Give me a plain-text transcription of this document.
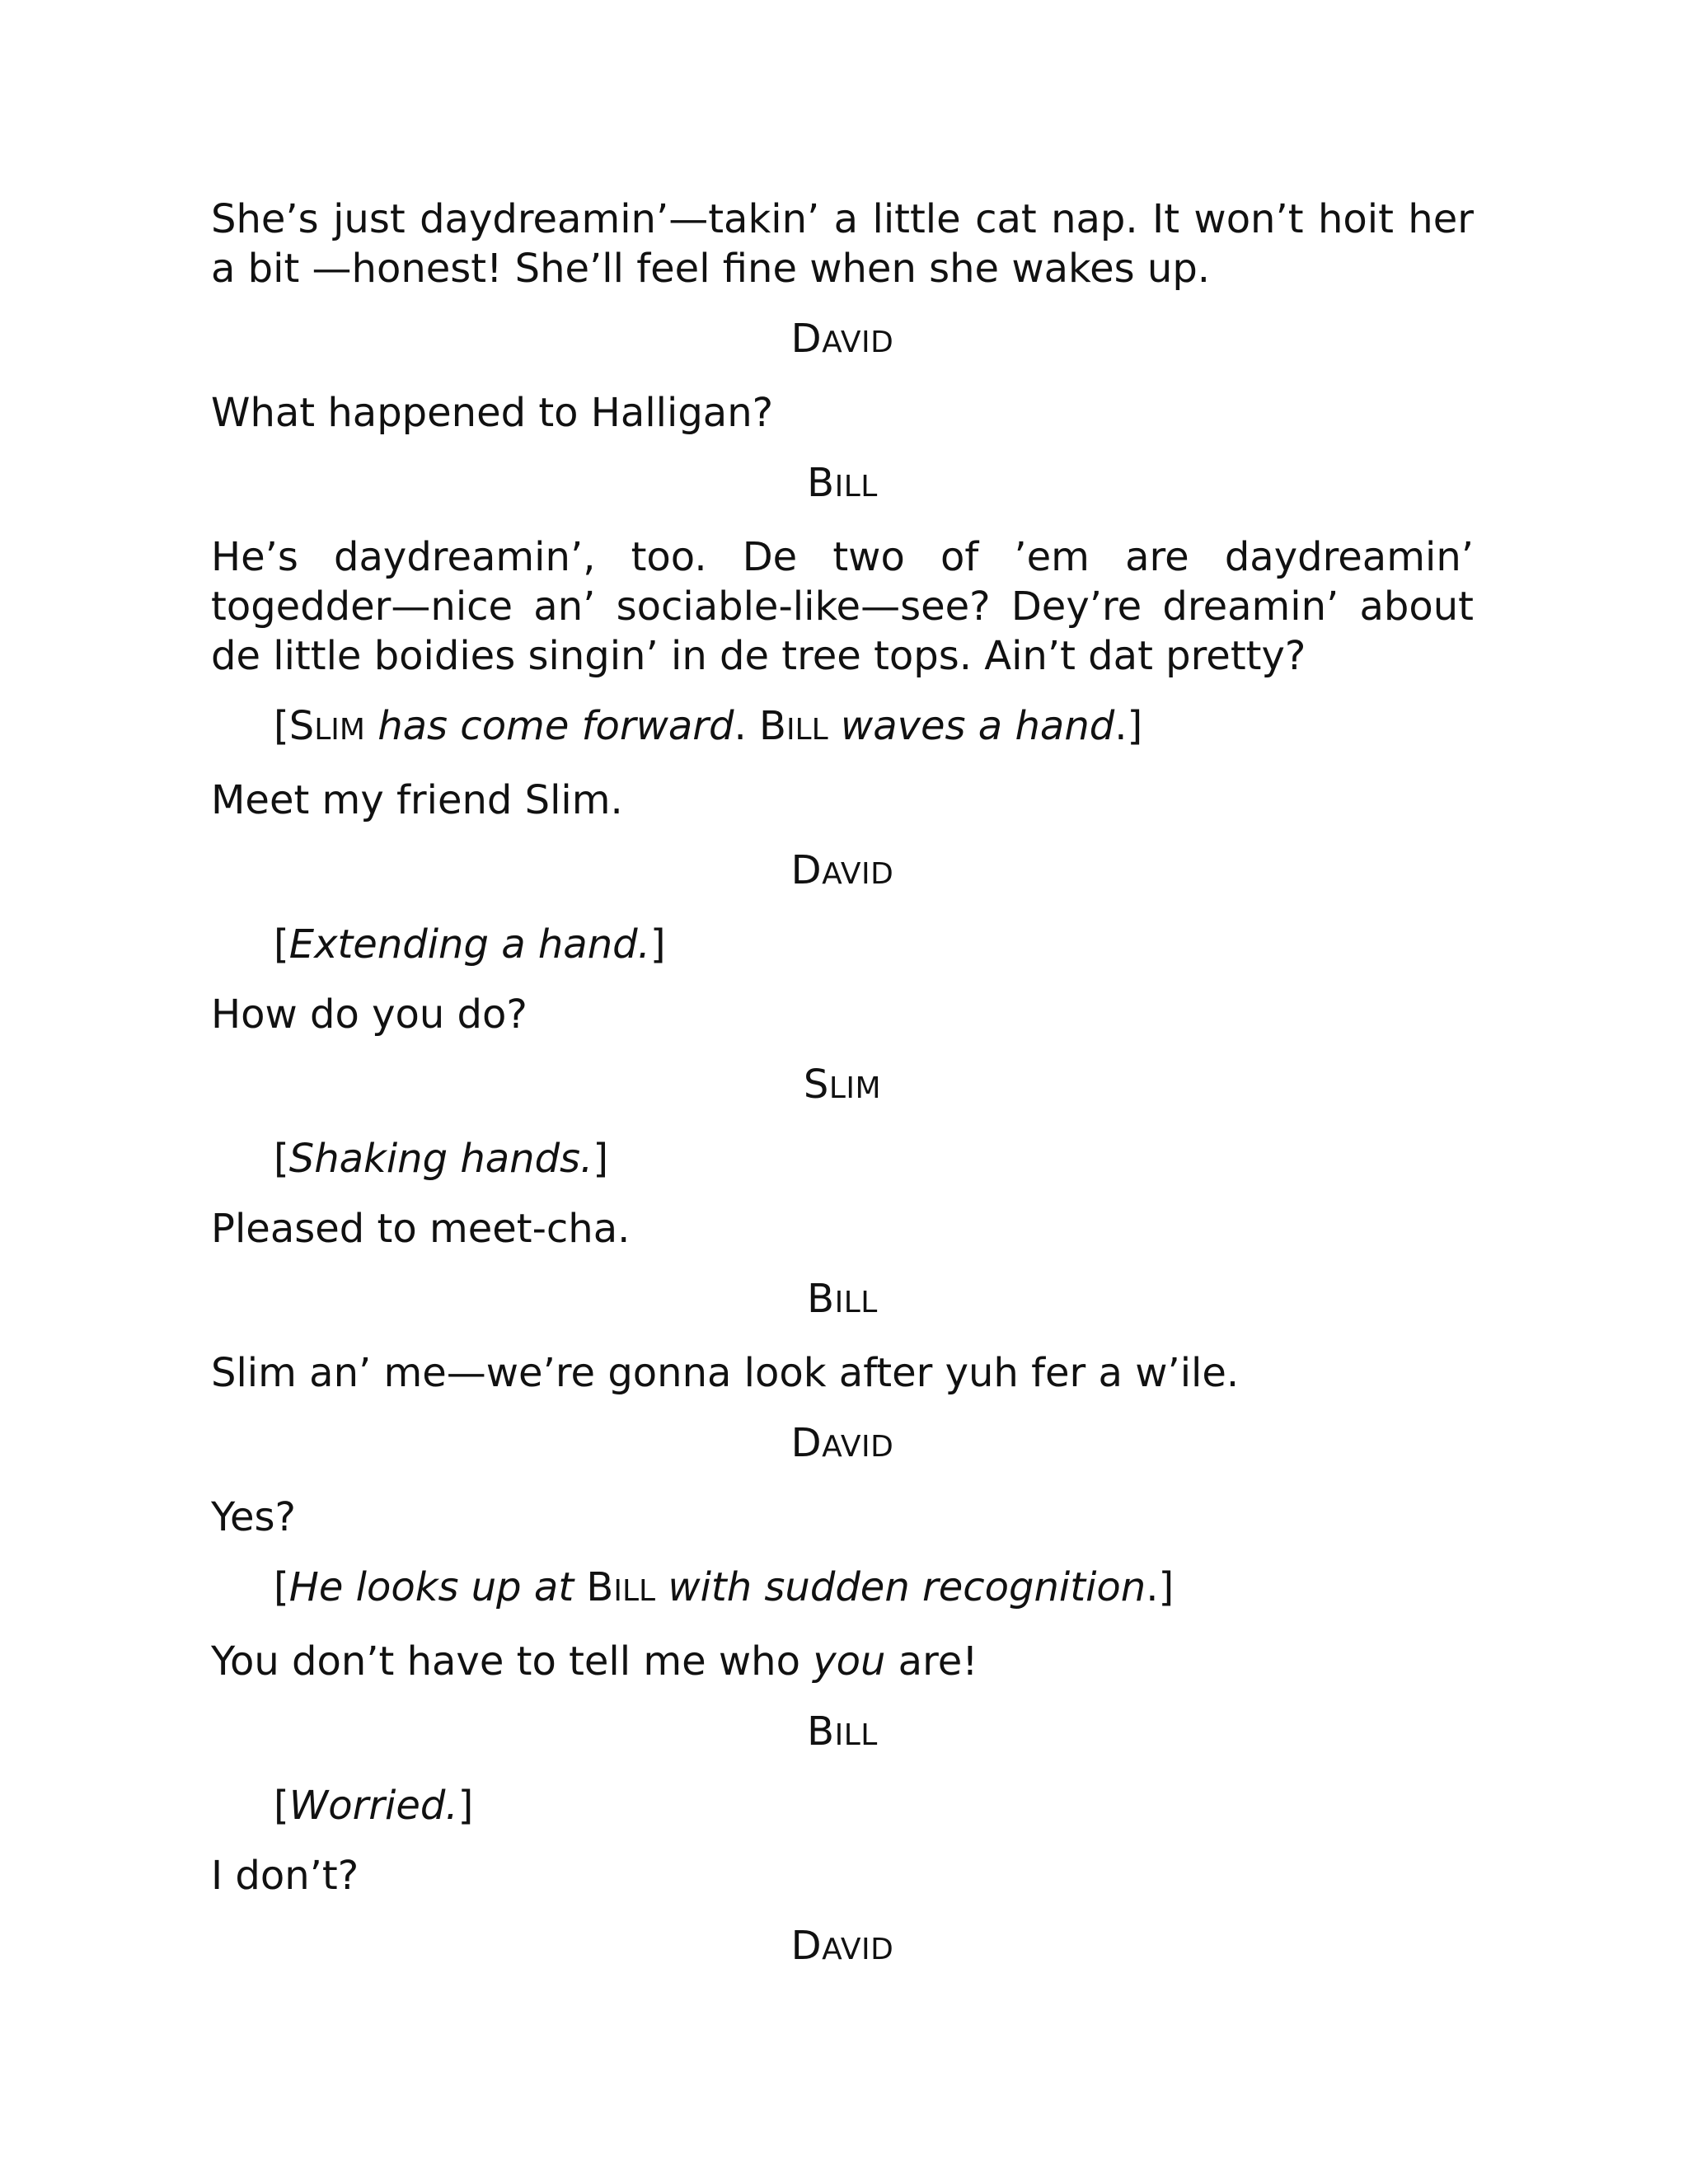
She’s just daydreamin’—takin’ a little cat nap. It won’t hoit her a bit —honest! She’ll feel fine when she wakes up.

DAVID

What happened to Halligan?

BILL

He’s daydreamin’, too. De two of ’em are daydreamin’ togedder—nice an’ sociable-like—see? Dey’re dreamin’ about de little boidies singin’ in de tree tops. Ain’t dat pretty?

[SLIM has come forward. BILL waves a hand.]

Meet my friend Slim.

DAVID

[Extending a hand.]

How do you do?

SLIM

[Shaking hands.]

Pleased to meet-cha.

BILL

Slim an’ me—we’re gonna look after yuh fer a w’ile.

DAVID

Yes?

[He looks up at BILL with sudden recognition.]

You don’t have to tell me who you are!

BILL

[Worried.]

I don’t?

DAVID
